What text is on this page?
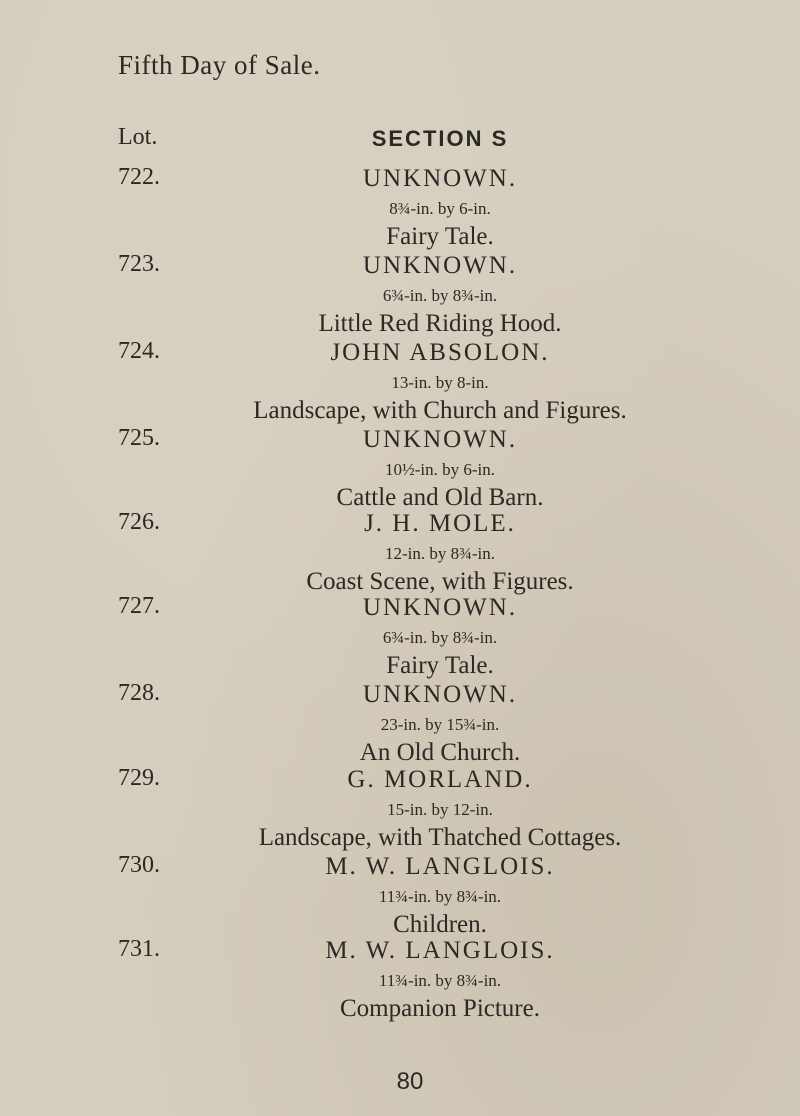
Fifth Day of Sale.
Lot.	SECTION S
722.	UNKNOWN.
8¾-in. by 6-in.
Fairy Tale.
723.	UNKNOWN.
6¾-in. by 8¾-in.
Little Red Riding Hood.
724.	JOHN ABSOLON.
13-in. by 8-in.
Landscape, with Church and Figures.
725.	UNKNOWN.
10½-in. by 6-in.
Cattle and Old Barn.
726.	J. H. MOLE.
12-in. by 8¾-in.
Coast Scene, with Figures.
727.	UNKNOWN.
6¾-in. by 8¾-in.
Fairy Tale.
728.	UNKNOWN.
23-in. by 15¾-in.
An Old Church.
729.	G. MORLAND.
15-in. by 12-in.
Landscape, with Thatched Cottages.
730.	M. W. LANGLOIS.
11¾-in. by 8¾-in.
Children.
731.	M. W. LANGLOIS.
11¾-in. by 8¾-in.
Companion Picture.
80
